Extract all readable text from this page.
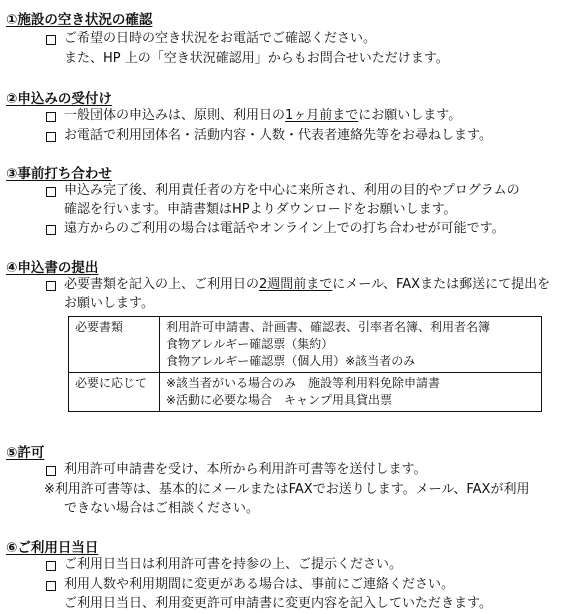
①施設の空き状況の確認
ご希望の日時の空き状況をお電話でご確認ください。
また、HP 上の「空き状況確認用」からもお問合せいただけます。
②申込みの受付け
一般団体の申込みは、原則、利用日の1ヶ月前までにお願いします。
お電話で利用団体名・活動内容・人数・代表者連絡先等をお尋ねします。
③事前打ち合わせ
申込み完了後、利用責任者の方を中心に来所され、利用の目的やプログラムの
確認を行います。申請書類はHPよりダウンロードをお願いします。
遠方からのご利用の場合は電話やオンライン上での打ち合わせが可能です。
④申込書の提出
必要書類を記入の上、ご利用日の2週間前までにメール、FAXまたは郵送にて提出を
お願いします。
必要書類	利用許可申請書、計画書、確認表、引率者名簿、利用者名簿
食物アレルギー確認票（集約）
食物アレルギー確認票（個人用）※該当者のみ

必要に応じて	※該当者がいる場合のみ　施設等利用料免除申請書
※活動に必要な場合　キャンプ用具貸出票
⑤許可
利用許可申請書を受け、本所から利用許可書等を送付します。
※利用許可書等は、基本的にメールまたはFAXでお送りします。メール、FAXが利用
できない場合はご相談ください。
⑥ご利用日当日
ご利用日当日は利用許可書を持参の上、ご提示ください。
利用人数や利用期間に変更がある場合は、事前にご連絡ください。
ご利用日当日、利用変更許可申請書に変更内容を記入していただきます。
